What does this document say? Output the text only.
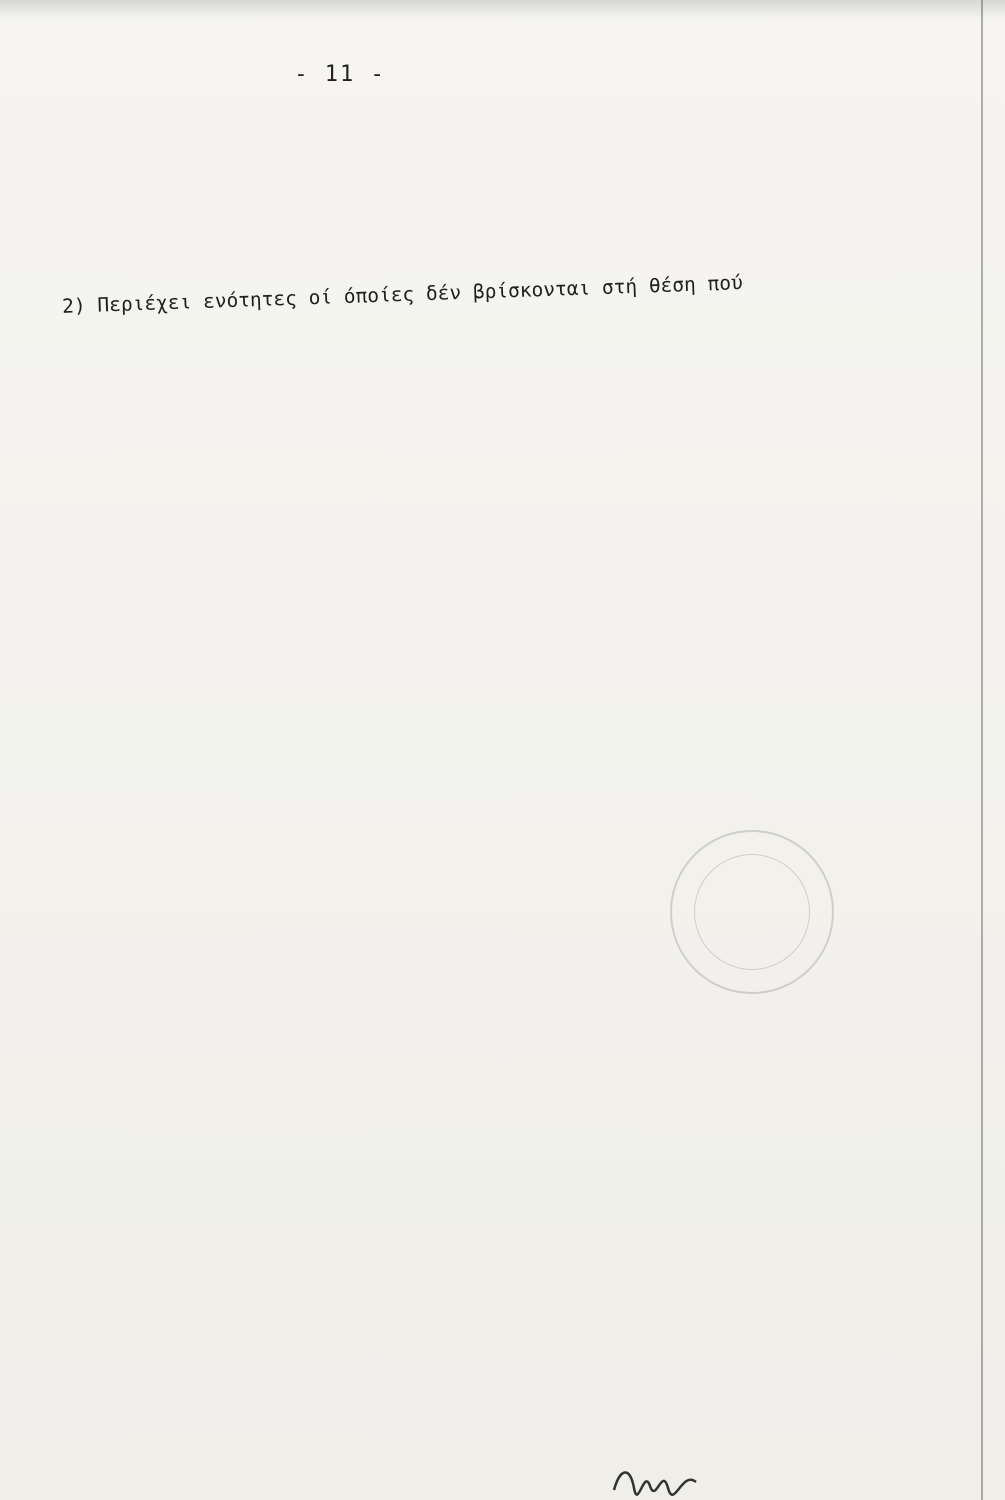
- 11 -
2) Περιέχει ενότητες οί όποίες δέν βρίσκονται στή θέση πού
